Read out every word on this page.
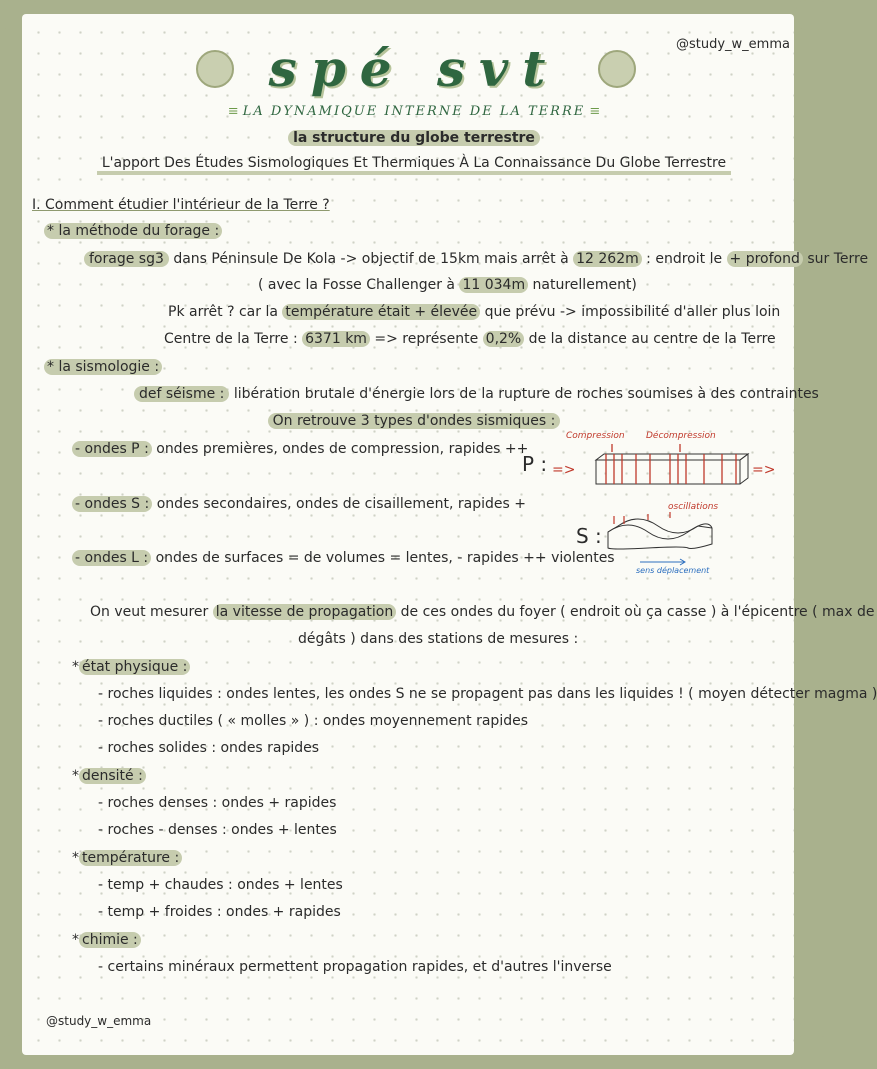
@study_w_emma
spé svt
≡ LA DYNAMIQUE INTERNE DE LA TERRE ≡
la structure du globe terrestre
L'apport Des Études Sismologiques Et Thermiques À La Connaissance Du Globe Terrestre
I. Comment étudier l'intérieur de la Terre ?
* la méthode du forage :
forage sg3 dans Péninsule De Kola -> objectif de 15km mais arrêt à 12 262m : endroit le + profond sur Terre
( avec la Fosse Challenger à 11 034m naturellement)
Pk arrêt ? car la température était + élevée que prévu -> impossibilité d'aller plus loin
Centre de la Terre : 6371 km => représente 0,2% de la distance au centre de la Terre
* la sismologie :
def séisme : libération brutale d'énergie lors de la rupture de roches soumises à des contraintes
On retrouve 3 types d'ondes sismiques :
- ondes P : ondes premières, ondes de compression, rapides ++
- ondes S : ondes secondaires, ondes de cisaillement, rapides +
- ondes L : ondes de surfaces = de volumes = lentes, - rapides ++ violentes
P :
Compression Décompression
=>	=>
S :
oscillations
sens déplacement
On veut mesurer la vitesse de propagation de ces ondes du foyer ( endroit où ça casse ) à l'épicentre ( max de
dégâts ) dans des stations de mesures :
* état physique :
- roches liquides : ondes lentes, les ondes S ne se propagent pas dans les liquides ! ( moyen détecter magma )
- roches ductiles ( « molles » ) : ondes moyennement rapides
- roches solides : ondes rapides
* densité :
- roches denses : ondes + rapides
- roches - denses : ondes + lentes
* température :
- temp + chaudes : ondes + lentes
- temp + froides : ondes + rapides
* chimie :
- certains minéraux permettent propagation rapides, et d'autres l'inverse
@study_w_emma
